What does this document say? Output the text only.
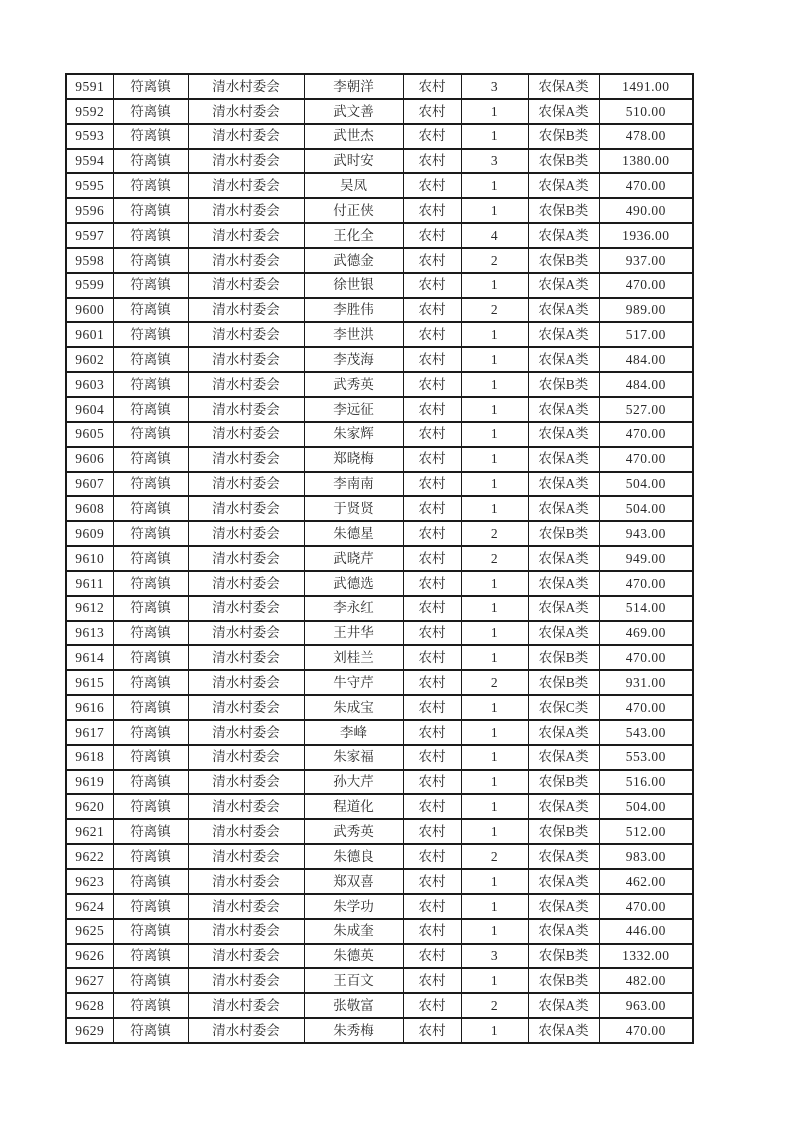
9591	符离镇	清水村委会	李朝洋	农村	3	农保A类	1491.00
9592	符离镇	清水村委会	武文善	农村	1	农保A类	510.00
9593	符离镇	清水村委会	武世杰	农村	1	农保B类	478.00
9594	符离镇	清水村委会	武时安	农村	3	农保B类	1380.00
9595	符离镇	清水村委会	吴凤	农村	1	农保A类	470.00
9596	符离镇	清水村委会	付正侠	农村	1	农保B类	490.00
9597	符离镇	清水村委会	王化全	农村	4	农保A类	1936.00
9598	符离镇	清水村委会	武德金	农村	2	农保B类	937.00
9599	符离镇	清水村委会	徐世银	农村	1	农保A类	470.00
9600	符离镇	清水村委会	李胜伟	农村	2	农保A类	989.00
9601	符离镇	清水村委会	李世洪	农村	1	农保A类	517.00
9602	符离镇	清水村委会	李茂海	农村	1	农保A类	484.00
9603	符离镇	清水村委会	武秀英	农村	1	农保B类	484.00
9604	符离镇	清水村委会	李远征	农村	1	农保A类	527.00
9605	符离镇	清水村委会	朱家辉	农村	1	农保A类	470.00
9606	符离镇	清水村委会	郑晓梅	农村	1	农保A类	470.00
9607	符离镇	清水村委会	李南南	农村	1	农保A类	504.00
9608	符离镇	清水村委会	于贤贤	农村	1	农保A类	504.00
9609	符离镇	清水村委会	朱德星	农村	2	农保B类	943.00
9610	符离镇	清水村委会	武晓芹	农村	2	农保A类	949.00
9611	符离镇	清水村委会	武德选	农村	1	农保A类	470.00
9612	符离镇	清水村委会	李永红	农村	1	农保A类	514.00
9613	符离镇	清水村委会	王井华	农村	1	农保A类	469.00
9614	符离镇	清水村委会	刘桂兰	农村	1	农保B类	470.00
9615	符离镇	清水村委会	牛守芹	农村	2	农保B类	931.00
9616	符离镇	清水村委会	朱成宝	农村	1	农保C类	470.00
9617	符离镇	清水村委会	李峰	农村	1	农保A类	543.00
9618	符离镇	清水村委会	朱家福	农村	1	农保A类	553.00
9619	符离镇	清水村委会	孙大芹	农村	1	农保B类	516.00
9620	符离镇	清水村委会	程道化	农村	1	农保A类	504.00
9621	符离镇	清水村委会	武秀英	农村	1	农保B类	512.00
9622	符离镇	清水村委会	朱德良	农村	2	农保A类	983.00
9623	符离镇	清水村委会	郑双喜	农村	1	农保A类	462.00
9624	符离镇	清水村委会	朱学功	农村	1	农保A类	470.00
9625	符离镇	清水村委会	朱成奎	农村	1	农保A类	446.00
9626	符离镇	清水村委会	朱德英	农村	3	农保B类	1332.00
9627	符离镇	清水村委会	王百文	农村	1	农保B类	482.00
9628	符离镇	清水村委会	张敬富	农村	2	农保A类	963.00
9629	符离镇	清水村委会	朱秀梅	农村	1	农保A类	470.00
